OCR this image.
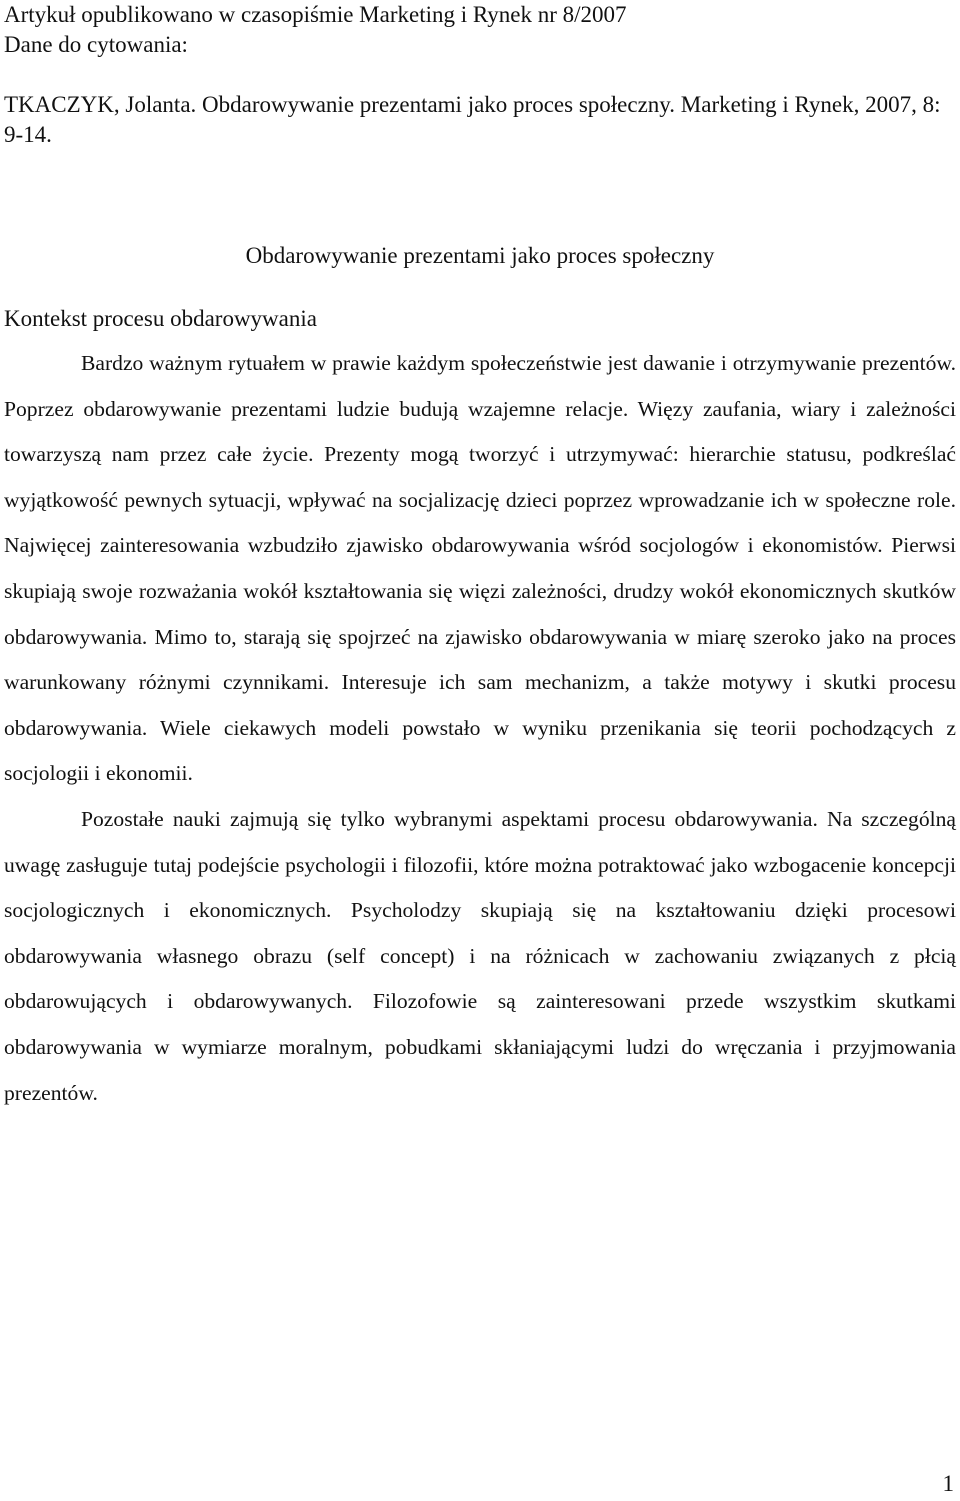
Artykuł opublikowano w czasopiśmie Marketing i Rynek nr 8/2007

Dane do cytowania:

TKACZYK, Jolanta. Obdarowywanie prezentami jako proces społeczny. Marketing i Rynek, 2007, 8: 9-14.

Obdarowywanie prezentami jako proces społeczny
Kontekst procesu obdarowywania

Bardzo ważnym rytuałem w prawie każdym społeczeństwie jest dawanie i otrzymywanie prezentów. Poprzez obdarowywanie prezentami ludzie budują wzajemne relacje. Więzy zaufania, wiary i zależności towarzyszą nam przez całe życie. Prezenty mogą tworzyć i utrzymywać: hierarchie statusu, podkreślać wyjątkowość pewnych sytuacji, wpływać na socjalizację dzieci poprzez wprowadzanie ich w społeczne role. Najwięcej zainteresowania wzbudziło zjawisko obdarowywania wśród socjologów i ekonomistów. Pierwsi skupiają swoje rozważania wokół kształtowania się więzi zależności, drudzy wokół ekonomicznych skutków obdarowywania. Mimo to, starają się spojrzeć na zjawisko obdarowywania w miarę szeroko jako na proces warunkowany różnymi czynnikami. Interesuje ich sam mechanizm, a także motywy i skutki procesu obdarowywania. Wiele ciekawych modeli powstało w wyniku przenikania się teorii pochodzących z socjologii i ekonomii.

Pozostałe nauki zajmują się tylko wybranymi aspektami procesu obdarowywania. Na szczególną uwagę zasługuje tutaj podejście psychologii i filozofii, które można potraktować jako wzbogacenie koncepcji socjologicznych i ekonomicznych. Psycholodzy skupiają się na kształtowaniu dzięki procesowi obdarowywania własnego obrazu (self concept) i na różnicach w zachowaniu związanych z płcią obdarowujących i obdarowywanych. Filozofowie są zainteresowani przede wszystkim skutkami obdarowywania w wymiarze moralnym, pobudkami skłaniającymi ludzi do wręczania i przyjmowania prezentów.

1
